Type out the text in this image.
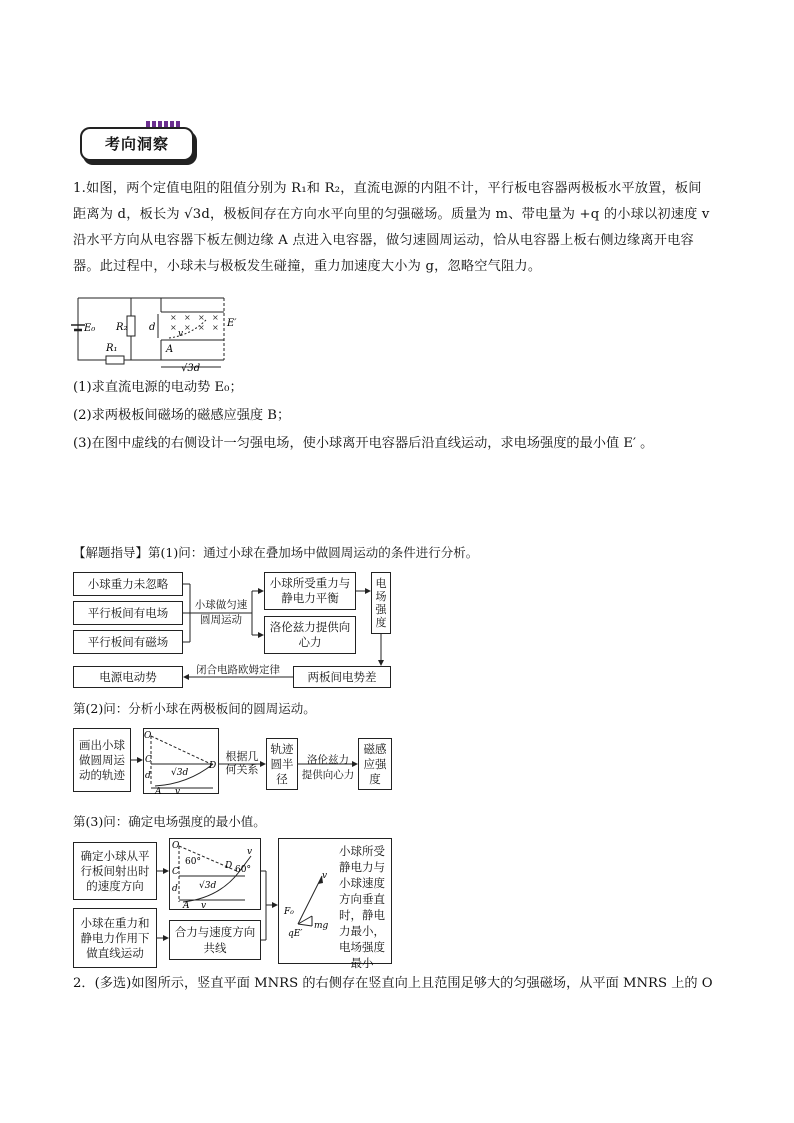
考向洞察
1.如图，两个定值电阻的阻值分别为 R₁和 R₂，直流电源的内阻不计，平行板电容器两极板水平放置，板间
距离为 d，板长为 √3d，极板间存在方向水平向里的匀强磁场。质量为 m、带电量为 +q 的小球以初速度 v
沿水平方向从电容器下板左侧边缘 A 点进入电容器，做匀速圆周运动，恰从电容器上板右侧边缘离开电容
器。此过程中，小球未与极板发生碰撞，重力加速度大小为 g，忽略空气阻力。
E₀ R₂
R₁
d
A
v
E′
√3d
× × × ×
× × × ×
(1)求直流电源的电动势 E₀；
(2)求两极板间磁场的磁感应强度 B；
(3)在图中虚线的右侧设计一匀强电场，使小球离开电容器后沿直线运动，求电场强度的最小值 E′ 。
【解题指导】第(1)问：通过小球在叠加场中做圆周运动的条件进行分析。
小球重力未忽略
平行板间有电场
平行板间有磁场
小球做匀速
圆周运动
小球所受重力与静电力平衡
洛伦兹力提供向心力
电场强度
两板间电势差
闭合电路欧姆定律
电源电动势
第(2)问：分析小球在两极板间的圆周运动。
画出小球做圆周运动的轨迹
O
C
d √3d
D
A v
根据几何关系
轨迹圆半径
洛伦兹力
提供向心力
磁感应强度
第(3)问：确定电场强度的最小值。
确定小球从平行板间射出时的速度方向
小球在重力和静电力作用下做直线运动
O
60°	D
v
60°
C
d √3d
A v
合力与速度方向共线
v
F₀
mg
qE′
小球所受静电力与小球速度方向垂直时，静电力最小，电场强度最小
2．(多选)如图所示，竖直平面 MNRS 的右侧存在竖直向上且范围足够大的匀强磁场，从平面 MNRS 上的 O
